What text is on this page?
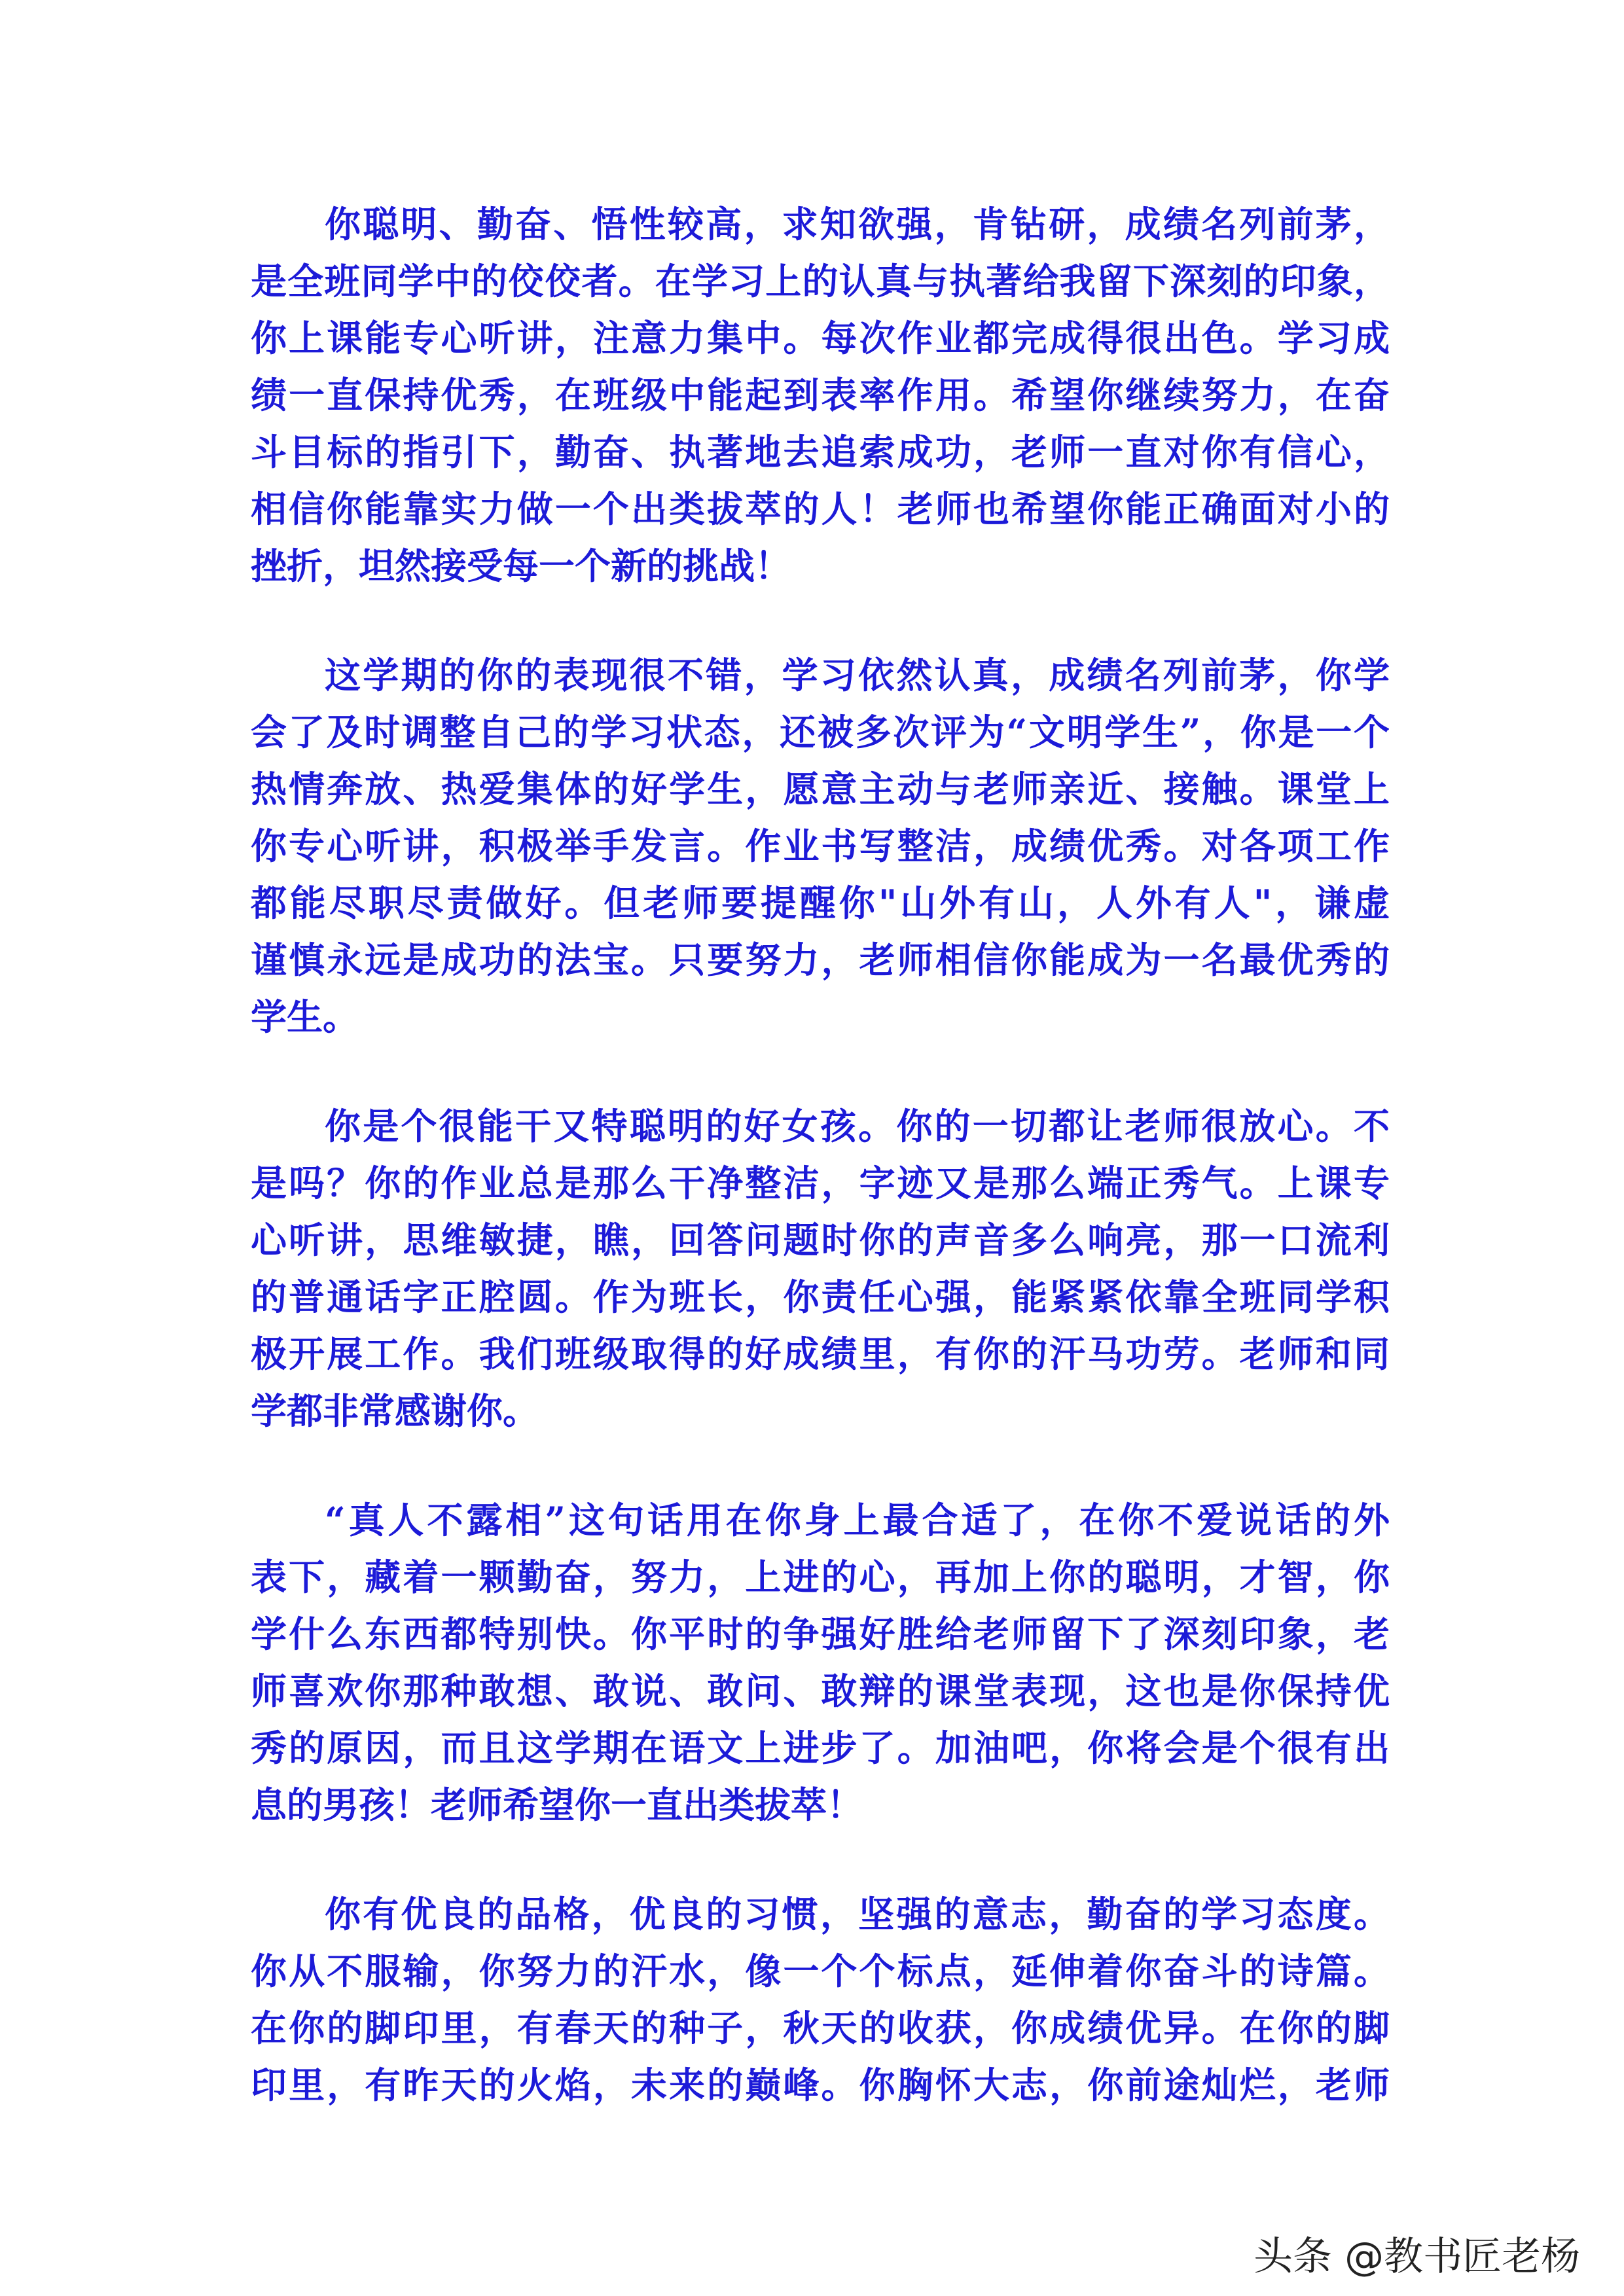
你聪明、勤奋、悟性较高，求知欲强，肯钻研，成绩名列前茅，
是全班同学中的佼佼者。在学习上的认真与执著给我留下深刻的印象，
你上课能专心听讲，注意力集中。每次作业都完成得很出色。学习成
绩一直保持优秀，在班级中能起到表率作用。希望你继续努力，在奋
斗目标的指引下，勤奋、执著地去追索成功，老师一直对你有信心，
相信你能靠实力做一个出类拔萃的人！老师也希望你能正确面对小的
挫折，坦然接受每一个新的挑战！
这学期的你的表现很不错，学习依然认真，成绩名列前茅，你学
会了及时调整自己的学习状态，还被多次评为“文明学生”，你是一个
热情奔放、热爱集体的好学生，愿意主动与老师亲近、接触。课堂上
你专心听讲，积极举手发言。作业书写整洁，成绩优秀。对各项工作
都能尽职尽责做好。但老师要提醒你"山外有山，人外有人"，谦虚
谨慎永远是成功的法宝。只要努力，老师相信你能成为一名最优秀的
学生。
你是个很能干又特聪明的好女孩。你的一切都让老师很放心。不
是吗？你的作业总是那么干净整洁，字迹又是那么端正秀气。上课专
心听讲，思维敏捷，瞧，回答问题时你的声音多么响亮，那一口流利
的普通话字正腔圆。作为班长，你责任心强，能紧紧依靠全班同学积
极开展工作。我们班级取得的好成绩里，有你的汗马功劳。老师和同
学都非常感谢你。
“真人不露相”这句话用在你身上最合适了，在你不爱说话的外
表下，藏着一颗勤奋，努力，上进的心，再加上你的聪明，才智，你
学什么东西都特别快。你平时的争强好胜给老师留下了深刻印象，老
师喜欢你那种敢想、敢说、敢问、敢辩的课堂表现，这也是你保持优
秀的原因，而且这学期在语文上进步了。加油吧，你将会是个很有出
息的男孩！老师希望你一直出类拔萃！
你有优良的品格，优良的习惯，坚强的意志，勤奋的学习态度。
你从不服输，你努力的汗水，像一个个标点，延伸着你奋斗的诗篇。
在你的脚印里，有春天的种子，秋天的收获，你成绩优异。在你的脚
印里，有昨天的火焰，未来的巅峰。你胸怀大志，你前途灿烂，老师
头条 @教书匠老杨
